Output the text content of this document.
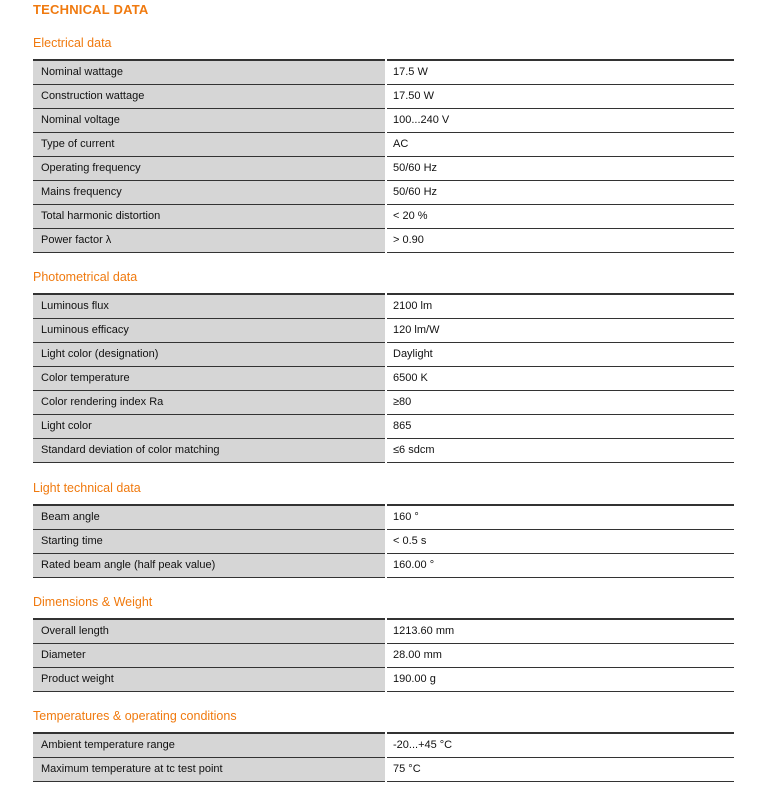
TECHNICAL DATA
Electrical data
Nominal wattage	17.5 W
Construction wattage	17.50 W
Nominal voltage	100...240 V
Type of current	AC
Operating frequency	50/60 Hz
Mains frequency	50/60 Hz
Total harmonic distortion	< 20 %
Power factor λ	> 0.90
Photometrical data
Luminous flux	2100 lm
Luminous efficacy	120 lm/W
Light color (designation)	Daylight
Color temperature	6500 K
Color rendering index Ra	≥80
Light color	865
Standard deviation of color matching	≤6 sdcm
Light technical data
Beam angle	160 °
Starting time	< 0.5 s
Rated beam angle (half peak value)	160.00 °
Dimensions & Weight
Overall length	1213.60 mm
Diameter	28.00 mm
Product weight	190.00 g
Temperatures & operating conditions
Ambient temperature range	-20...+45 °C
Maximum temperature at tc test point	75 °C
